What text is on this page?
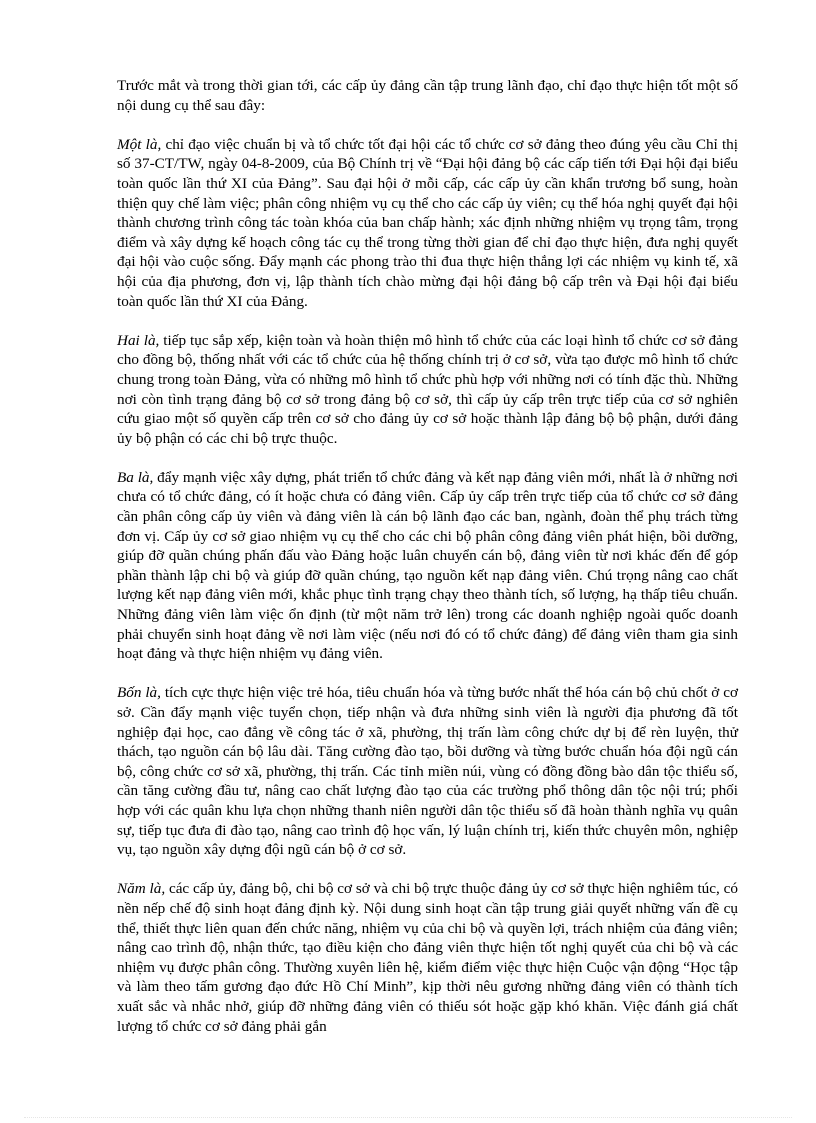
Trước mắt và trong thời gian tới, các cấp ủy đảng cần tập trung lãnh đạo, chỉ đạo thực hiện tốt một số nội dung cụ thể sau đây:

Một là, chỉ đạo việc chuẩn bị và tổ chức tốt đại hội các tổ chức cơ sở đảng theo đúng yêu cầu Chỉ thị số 37-CT/TW, ngày 04-8-2009, của Bộ Chính trị về “Đại hội đảng bộ các cấp tiến tới Đại hội đại biểu toàn quốc lần thứ XI của Đảng”. Sau đại hội ở mỗi cấp, các cấp ủy cần khẩn trương bổ sung, hoàn thiện quy chế làm việc; phân công nhiệm vụ cụ thể cho các cấp ủy viên; cụ thể hóa nghị quyết đại hội thành chương trình công tác toàn khóa của ban chấp hành; xác định những nhiệm vụ trọng tâm, trọng điểm và xây dựng kế hoạch công tác cụ thể trong từng thời gian để chỉ đạo thực hiện, đưa nghị quyết đại hội vào cuộc sống. Đẩy mạnh các phong trào thi đua thực hiện thắng lợi các nhiệm vụ kinh tế, xã hội của địa phương, đơn vị, lập thành tích chào mừng đại hội đảng bộ cấp trên và Đại hội đại biểu toàn quốc lần thứ XI của Đảng.

Hai là, tiếp tục sắp xếp, kiện toàn và hoàn thiện mô hình tổ chức của các loại hình tổ chức cơ sở đảng cho đồng bộ, thống nhất với các tổ chức của hệ thống chính trị ở cơ sở, vừa tạo được mô hình tổ chức chung trong toàn Đảng, vừa có những mô hình tổ chức phù hợp với những nơi có tính đặc thù. Những nơi còn tình trạng đảng bộ cơ sở trong đảng bộ cơ sở, thì cấp ủy cấp trên trực tiếp của cơ sở nghiên cứu giao một số quyền cấp trên cơ sở cho đảng ủy cơ sở hoặc thành lập đảng bộ bộ phận, dưới đảng ủy bộ phận có các chi bộ trực thuộc.

Ba là, đẩy mạnh việc xây dựng, phát triển tổ chức đảng và kết nạp đảng viên mới, nhất là ở những nơi chưa có tổ chức đảng, có ít hoặc chưa có đảng viên. Cấp ủy cấp trên trực tiếp của tổ chức cơ sở đảng cần phân công cấp ủy viên và đảng viên là cán bộ lãnh đạo các ban, ngành, đoàn thể phụ trách từng đơn vị. Cấp ủy cơ sở giao nhiệm vụ cụ thể cho các chi bộ phân công đảng viên phát hiện, bồi dưỡng, giúp đỡ quần chúng phấn đấu vào Đảng hoặc luân chuyển cán bộ, đảng viên từ nơi khác đến để góp phần thành lập chi bộ và giúp đỡ quần chúng, tạo nguồn kết nạp đảng viên. Chú trọng nâng cao chất lượng kết nạp đảng viên mới, khắc phục tình trạng chạy theo thành tích, số lượng, hạ thấp tiêu chuẩn. Những đảng viên làm việc ổn định (từ một năm trở lên) trong các doanh nghiệp ngoài quốc doanh phải chuyển sinh hoạt đảng về nơi làm việc (nếu nơi đó có tổ chức đảng) để đảng viên tham gia sinh hoạt đảng và thực hiện nhiệm vụ đảng viên.

Bốn là, tích cực thực hiện việc trẻ hóa, tiêu chuẩn hóa và từng bước nhất thể hóa cán bộ chủ chốt ở cơ sở. Cần đẩy mạnh việc tuyển chọn, tiếp nhận và đưa những sinh viên là người địa phương đã tốt nghiệp đại học, cao đẳng về công tác ở xã, phường, thị trấn làm công chức dự bị để rèn luyện, thử thách, tạo nguồn cán bộ lâu dài. Tăng cường đào tạo, bồi dưỡng và từng bước chuẩn hóa đội ngũ cán bộ, công chức cơ sở xã, phường, thị trấn. Các tỉnh miền núi, vùng có đồng đồng bào dân tộc thiểu số, cần tăng cường đầu tư, nâng cao chất lượng đào tạo của các trường phổ thông dân tộc nội trú; phối hợp với các quân khu lựa chọn những thanh niên người dân tộc thiểu số đã hoàn thành nghĩa vụ quân sự, tiếp tục đưa đi đào tạo, nâng cao trình độ học vấn, lý luận chính trị, kiến thức chuyên môn, nghiệp vụ, tạo nguồn xây dựng đội ngũ cán bộ ở cơ sở.

Năm là, các cấp ủy, đảng bộ, chi bộ cơ sở và chi bộ trực thuộc đảng ủy cơ sở thực hiện nghiêm túc, có nền nếp chế độ sinh hoạt đảng định kỳ. Nội dung sinh hoạt cần tập trung giải quyết những vấn đề cụ thể, thiết thực liên quan đến chức năng, nhiệm vụ của chi bộ và quyền lợi, trách nhiệm của đảng viên; nâng cao trình độ, nhận thức, tạo điều kiện cho đảng viên thực hiện tốt nghị quyết của chi bộ và các nhiệm vụ được phân công. Thường xuyên liên hệ, kiểm điểm việc thực hiện Cuộc vận động “Học tập và làm theo tấm gương đạo đức Hồ Chí Minh”, kịp thời nêu gương những đảng viên có thành tích xuất sắc và nhắc nhở, giúp đỡ những đảng viên có thiếu sót hoặc gặp khó khăn. Việc đánh giá chất lượng tổ chức cơ sở đảng phải gắn
